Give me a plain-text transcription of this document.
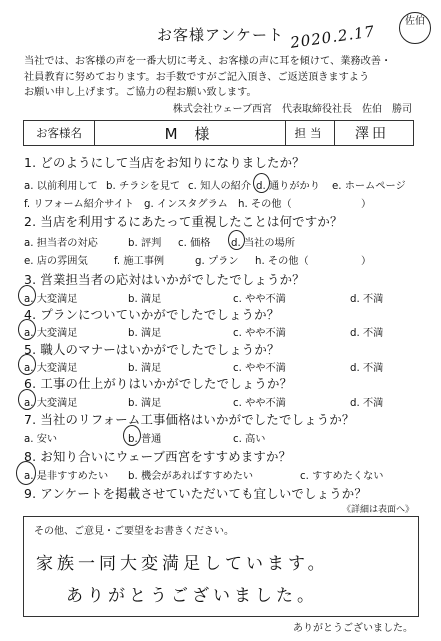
お客様アンケート 2020.2.17
佐伯
当社では、お客様の声を一番大切に考え、お客様の声に耳を傾けて、業務改善・
社員教育に努めております。お手数ですがご記入頂き、ご返送頂きますよう
お願い申し上げます。ご協力の程お願い致します。
株式会社ウェーブ西宮　代表取締役社長　佐伯　勝司
お客様名	M 様	担当	澤田
1. どのようにして当店をお知りになりましたか？
a. 以前利用して b. チラシを見て c. 知人の紹介 d. 通りがかり e. ホームページ
f. リフォーム紹介サイト g. インスタグラム h. その他（	）
2. 当店を利用するにあたって重視したことは何ですか？
a. 担当者の対応	b. 評判 c. 価格 d. 当社の場所
e. 店の雰囲気	f. 施工事例	g. プラン h. その他（	）
3. 営業担当者の応対はいかがでしたでしょうか？
a. 大変満足	b. 満足	c. やや不満	d. 不満
4. プランについていかがでしたでしょうか？
a. 大変満足	b. 満足	c. やや不満	d. 不満
5. 職人のマナーはいかがでしたでしょうか？
a. 大変満足	b. 満足	c. やや不満	d. 不満
6. 工事の仕上がりはいかがでしたでしょうか？
a. 大変満足	b. 満足	c. やや不満	d. 不満
7. 当社のリフォーム工事価格はいかがでしたでしょうか？
a. 安い	b. 普通	c. 高い
8. お知り合いにウェーブ西宮をすすめますか？
a. 是非すすめたい b. 機会があればすすめたい	c. すすめたくない
9. アンケートを掲載させていただいても宜しいでしょうか？
《詳細は表面へ》
その他、ご意見・ご要望をお書きください。
家族一同大変満足しています。
ありがとうございました。
ありがとうございました。
